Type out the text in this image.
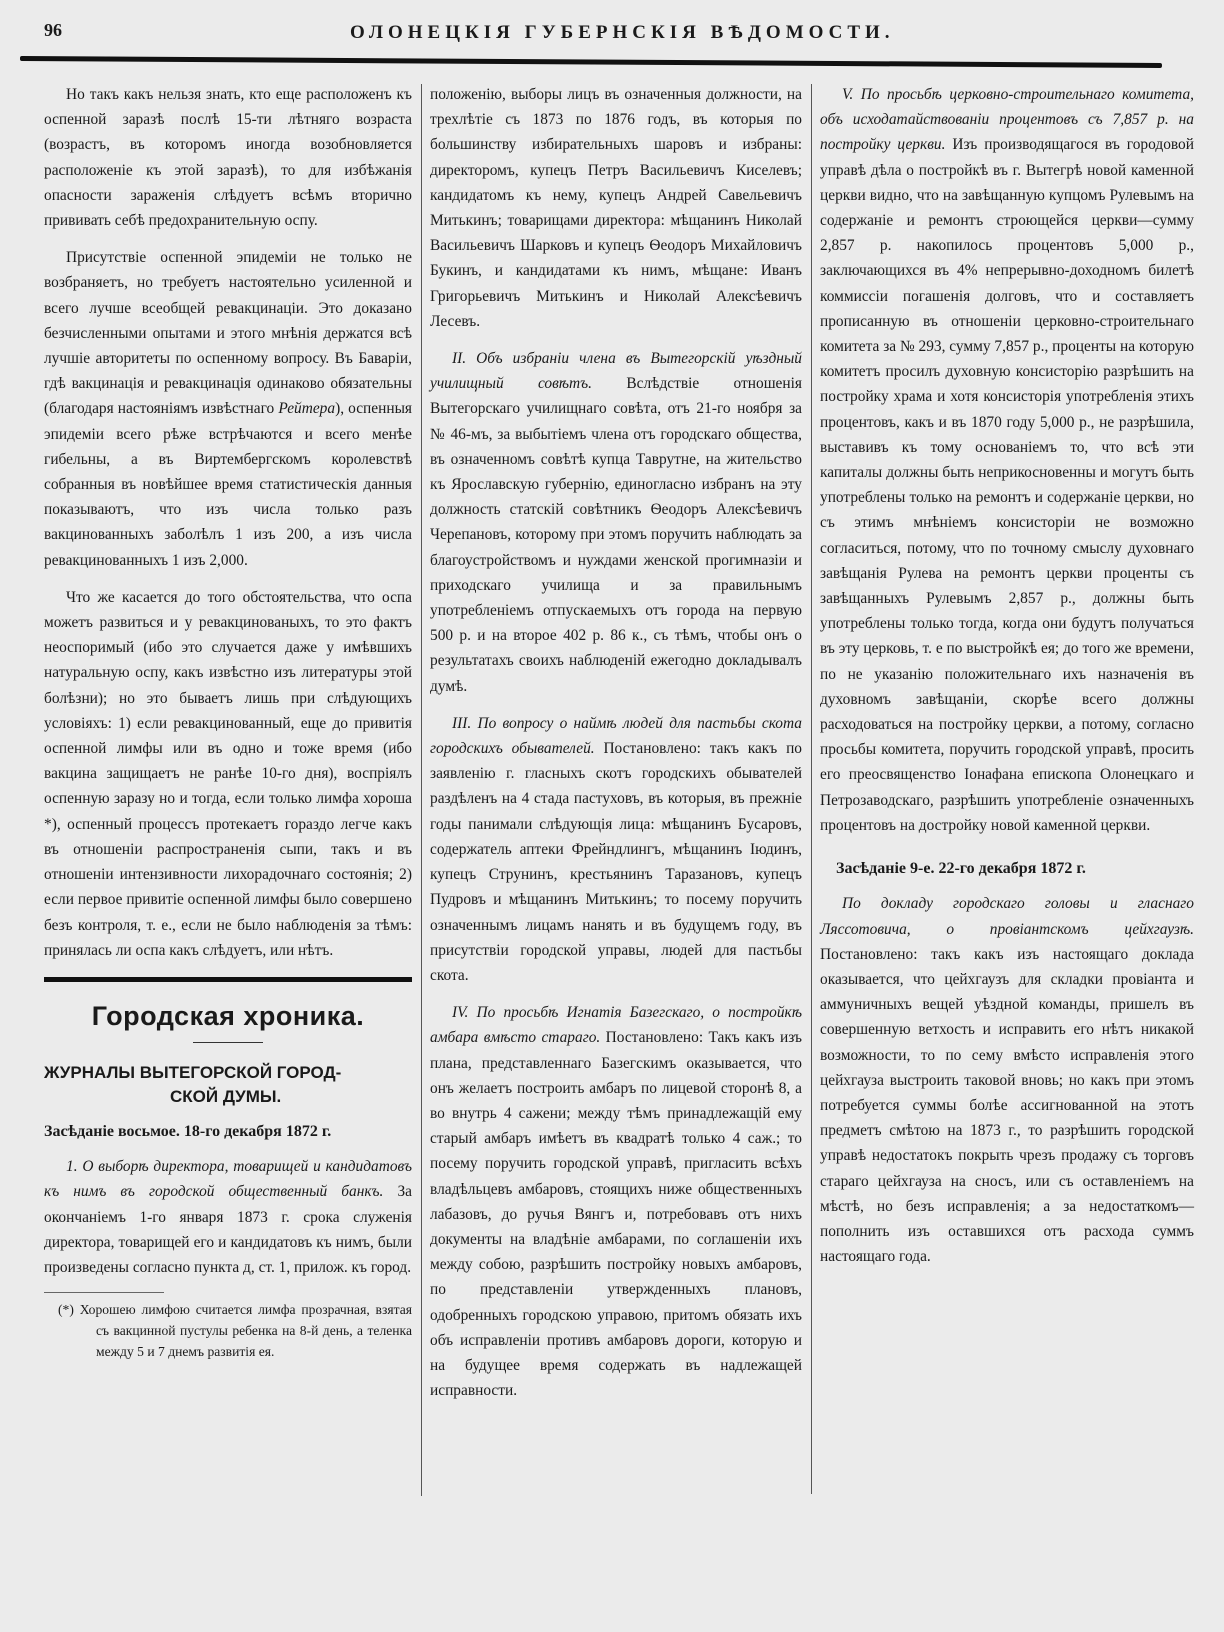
96	ОЛОНЕЦКІЯ ГУБЕРНСКІЯ ВѢДОМОСТИ.

Но такъ какъ нельзя знать, кто еще расположенъ къ оспенной заразѣ послѣ 15-ти лѣтняго возраста (возрастъ, въ которомъ иногда возобновляется расположеніе къ этой заразѣ), то для избѣжанія опасности зараженія слѣдуетъ всѣмъ вторично прививать себѣ предохранительную оспу.

Присутствіе оспенной эпидеміи не только не возбраняетъ, но требуетъ настоятельно усиленной и всего лучше всеобщей ревакцинаціи. Это доказано безчисленными опытами и этого мнѣнія держатся всѣ лучшіе авторитеты по оспенному вопросу. Въ Баваріи, гдѣ вакцинація и ревакцинація одинаково обязательны (благодаря настояніямъ извѣстнаго Рейтера), оспенныя эпидеміи всего рѣже встрѣчаются и всего менѣе гибельны, а въ Виртембергскомъ королевствѣ собранныя въ новѣйшее время статистическія данныя показываютъ, что изъ числа только разъ вакцинованныхъ заболѣлъ 1 изъ 200, а изъ числа ревакцинованныхъ 1 изъ 2,000.

Что же касается до того обстоятельства, что оспа можетъ развиться и у ревакцинованыхъ, то это фактъ неоспоримый (ибо это случается даже у имѣвшихъ натуральную оспу, какъ извѣстно изъ литературы этой болѣзни); но это бываетъ лишь при слѣдующихъ условіяхъ: 1) если ревакцинованный, еще до привитія оспенной лимфы или въ одно и тоже время (ибо вакцина защищаетъ не ранѣе 10-го дня), воспріялъ оспенную заразу но и тогда, если только лимфа хороша *), оспенный процессъ протекаетъ гораздо легче какъ въ отношеніи распространенія сыпи, такъ и въ отношеніи интензивности лихорадочнаго состоянія; 2) если первое привитіе оспенной лимфы было совершено безъ контроля, т. е., если не было наблюденія за тѣмъ: принялась ли оспа какъ слѣдуетъ, или нѣтъ.

Городская хроника.
ЖУРНАЛЫ ВЫТЕГОРСКОЙ ГОРОД-
СКОЙ ДУМЫ.
Засѣданіе восьмое. 18-го декабря 1872 г.

1. О выборѣ директора, товарищей и кандидатовъ къ нимъ въ городской общественный банкъ. За окончаніемъ 1-го января 1873 г. срока служенія директора, товарищей его и кандидатовъ къ нимъ, были произведены согласно пункта д, ст. 1, прилож. къ город.

(*) Хорошею лимфою считается лимфа прозрачная, взятая съ вакцинной пустулы ребенка на 8-й день, а теленка между 5 и 7 днемъ развитія ея.

положенію, выборы лицъ въ означенныя должности, на трехлѣтіе съ 1873 по 1876 годъ, въ которыя по большинству избирательныхъ шаровъ и избраны: директоромъ, купецъ Петръ Васильевичъ Киселевъ; кандидатомъ къ нему, купецъ Андрей Савельевичъ Митькинъ; товарищами директора: мѣщанинъ Николай Васильевичъ Шарковъ и купецъ Ѳеодоръ Михайловичъ Букинъ, и кандидатами къ нимъ, мѣщане: Иванъ Григорьевичъ Митькинъ и Николай Алексѣевичъ Лесевъ.

II. Объ избраніи члена въ Вытегорскій уѣздный училищный совѣтъ. Вслѣдствіе отношенія Вытегорскаго училищнаго совѣта, отъ 21-го ноября за № 46-мъ, за выбытіемъ члена отъ городскаго общества, въ означенномъ совѣтѣ купца Таврутне, на жительство къ Ярославскую губернію, единогласно избранъ на эту должность статскій совѣтникъ Ѳеодоръ Алексѣевичъ Черепановъ, которому при этомъ поручить наблюдать за благоустройствомъ и нуждами женской прогимназіи и приходскаго училища и за правильнымъ употребленіемъ отпускаемыхъ отъ города на первую 500 р. и на второе 402 р. 86 к., съ тѣмъ, чтобы онъ о результатахъ своихъ наблюденій ежегодно докладывалъ думѣ.

III. По вопросу о наймѣ людей для пастьбы скота городскихъ обывателей. Постановлено: такъ какъ по заявленію г. гласныхъ скотъ городскихъ обывателей раздѣленъ на 4 стада пастуховъ, въ которыя, въ прежніе годы панимали слѣдующія лица: мѣщанинъ Бусаровъ, содержатель аптеки Фрейндлингъ, мѣщанинъ Іюдинъ, купецъ Струнинъ, крестьянинъ Таразановъ, купецъ Пудровъ и мѣщанинъ Митькинъ; то посему поручить означеннымъ лицамъ нанять и въ будущемъ году, въ присутствіи городской управы, людей для пастьбы скота.

IV. По просьбѣ Игнатія Базегскаго, о постройкѣ амбара вмѣсто стараго. Постановлено: Такъ какъ изъ плана, представленнаго Базегскимъ оказывается, что онъ желаетъ построить амбаръ по лицевой сторонѣ 8, а во внутрь 4 сажени; между тѣмъ принадлежащій ему старый амбаръ имѣетъ въ квадратѣ только 4 саж.; то посему поручить городской управѣ, пригласить всѣхъ владѣльцевъ амбаровъ, стоящихъ ниже общественныхъ лабазовъ, до ручья Вянгъ и, потребовавъ отъ нихъ документы на владѣніе амбарами, по соглашеніи ихъ между собою, разрѣшить постройку новыхъ амбаровъ, по представленіи утвержденныхъ плановъ, одобренныхъ городскою управою, притомъ обязать ихъ объ исправленіи противъ амбаровъ дороги, которую и на будущее время содержать въ надлежащей исправности.

V. По просьбѣ церковно-строительнаго комитета, объ исходатайствованіи процентовъ съ 7,857 р. на постройку церкви. Изъ производящагося въ городовой управѣ дѣла о постройкѣ въ г. Вытегрѣ новой каменной церкви видно, что на завѣщанную купцомъ Рулевымъ на содержаніе и ремонтъ строющейся церкви—сумму 2,857 р. накопилось процентовъ 5,000 р., заключающихся въ 4% непрерывно-доходномъ билетѣ коммиссіи погашенія долговъ, что и составляетъ прописанную въ отношеніи церковно-строительнаго комитета за № 293, сумму 7,857 р., проценты на которую комитетъ просилъ духовную консисторію разрѣшить на постройку храма и хотя консисторія употребленія этихъ процентовъ, какъ и въ 1870 году 5,000 р., не разрѣшила, выставивъ къ тому основаніемъ то, что всѣ эти капиталы должны быть неприкосновенны и могутъ быть употреблены только на ремонтъ и содержаніе церкви, но съ этимъ мнѣніемъ консисторіи не возможно согласиться, потому, что по точному смыслу духовнаго завѣщанія Рулева на ремонтъ церкви проценты съ завѣщанныхъ Рулевымъ 2,857 р., должны быть употреблены только тогда, когда они будутъ получаться въ эту церковь, т. е по выстройкѣ ея; до того же времени, по не указанію положительнаго ихъ назначенія въ духовномъ завѣщаніи, скорѣе всего должны расходоваться на постройку церкви, а потому, согласно просьбы комитета, поручить городской управѣ, просить его преосвященство Іонафана епископа Олонецкаго и Петрозаводскаго, разрѣшить употребленіе означенныхъ процентовъ на достройку новой каменной церкви.

Засѣданіе 9-е. 22-го декабря 1872 г.

По докладу городскаго головы и гласнаго Ляссотовича, о провіантскомъ цейхгаузѣ. Постановлено: такъ какъ изъ настоящаго доклада оказывается, что цейхгаузъ для складки провіанта и аммуничныхъ вещей уѣздной команды, пришелъ въ совершенную ветхость и исправить его нѣтъ никакой возможности, то по сему вмѣсто исправленія этого цейхгауза выстроить таковой вновь; но какъ при этомъ потребуется суммы болѣе ассигнованной на этотъ предметъ смѣтою на 1873 г., то разрѣшить городской управѣ недостатокъ покрыть чрезъ продажу съ торговъ стараго цейхгауза на сносъ, или съ оставленіемъ на мѣстѣ, но безъ исправленія; а за недостаткомъ—пополнить изъ оставшихся отъ расхода суммъ настоящаго года.
